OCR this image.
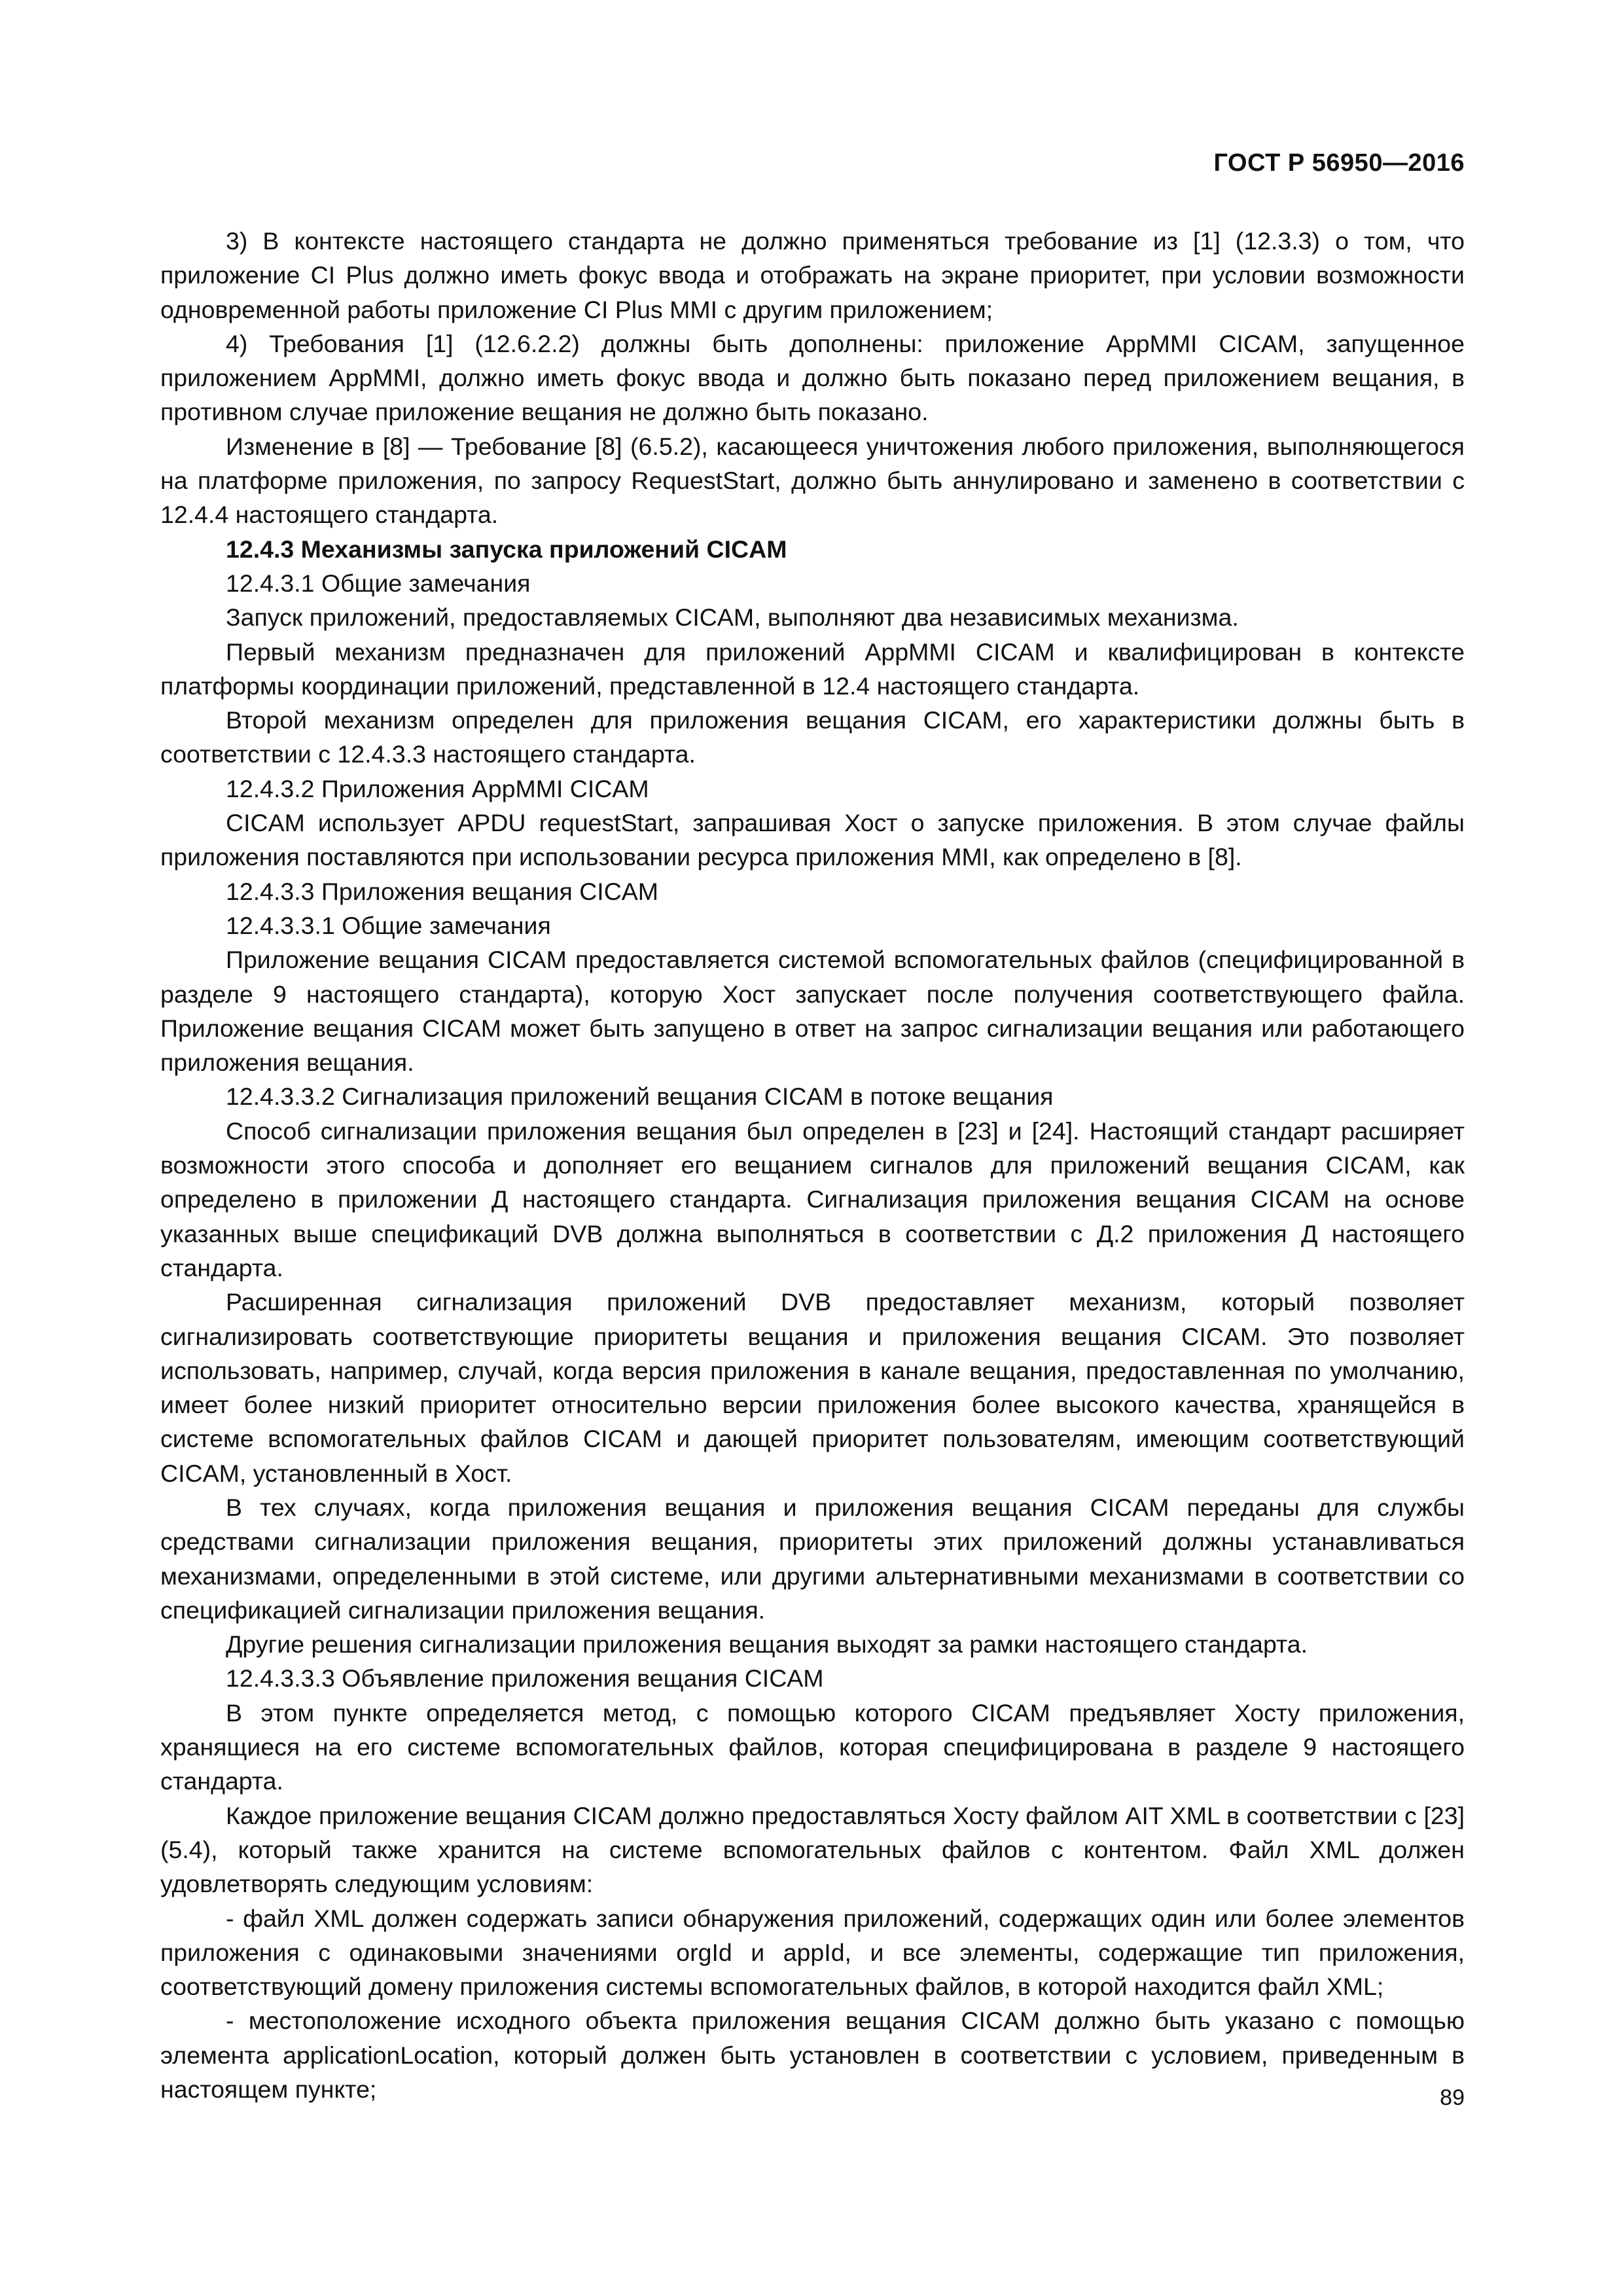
ГОСТ Р 56950—2016

3) В контексте настоящего стандарта не должно применяться требование из [1] (12.3.3) о том, что приложение CI Plus должно иметь фокус ввода и отображать на экране приоритет, при условии возможности одновременной работы приложение CI Plus MMI с другим приложением;

4) Требования [1] (12.6.2.2) должны быть дополнены: приложение AppMMI CICAM, запущенное приложением AppMMI, должно иметь фокус ввода и должно быть показано перед приложением вещания, в противном случае приложение вещания не должно быть показано.

Изменение в [8] — Требование [8] (6.5.2), касающееся уничтожения любого приложения, выполняющегося на платформе приложения, по запросу RequestStart, должно быть аннулировано и заменено в соответствии с 12.4.4 настоящего стандарта.

12.4.3 Механизмы запуска приложений CICAM

12.4.3.1 Общие замечания

Запуск приложений, предоставляемых CICAM, выполняют два независимых механизма.

Первый механизм предназначен для приложений AppMMI CICAM и квалифицирован в контексте платформы координации приложений, представленной в 12.4 настоящего стандарта.

Второй механизм определен для приложения вещания CICAM, его характеристики должны быть в соответствии с 12.4.3.3 настоящего стандарта.

12.4.3.2 Приложения AppMMI CICAM

CICAM использует APDU requestStart, запрашивая Хост о запуске приложения. В этом случае файлы приложения поставляются при использовании ресурса приложения MMI, как определено в [8].

12.4.3.3 Приложения вещания CICAM

12.4.3.3.1 Общие замечания

Приложение вещания CICAM предоставляется системой вспомогательных файлов (специфицированной в разделе 9 настоящего стандарта), которую Хост запускает после получения соответствующего файла. Приложение вещания CICAM может быть запущено в ответ на запрос сигнализации вещания или работающего приложения вещания.

12.4.3.3.2 Сигнализация приложений вещания CICAM в потоке вещания

Способ сигнализации приложения вещания был определен в [23] и [24]. Настоящий стандарт расширяет возможности этого способа и дополняет его вещанием сигналов для приложений вещания CICAM, как определено в приложении Д настоящего стандарта. Сигнализация приложения вещания CICAM на основе указанных выше спецификаций DVB должна выполняться в соответствии с Д.2 приложения Д настоящего стандарта.

Расширенная сигнализация приложений DVB предоставляет механизм, который позволяет сигнализировать соответствующие приоритеты вещания и приложения вещания CICAM. Это позволяет использовать, например, случай, когда версия приложения в канале вещания, предоставленная по умолчанию, имеет более низкий приоритет относительно версии приложения более высокого качества, хранящейся в системе вспомогательных файлов CICAM и дающей приоритет пользователям, имеющим соответствующий CICAM, установленный в Хост.

В тех случаях, когда приложения вещания и приложения вещания CICAM переданы для службы средствами сигнализации приложения вещания, приоритеты этих приложений должны устанавливаться механизмами, определенными в этой системе, или другими альтернативными механизмами в соответствии со спецификацией сигнализации приложения вещания.

Другие решения сигнализации приложения вещания выходят за рамки настоящего стандарта.

12.4.3.3.3 Объявление приложения вещания CICAM

В этом пункте определяется метод, с помощью которого CICAM предъявляет Хосту приложения, хранящиеся на его системе вспомогательных файлов, которая специфицирована в разделе 9 настоящего стандарта.

Каждое приложение вещания CICAM должно предоставляться Хосту файлом AIT XML в соответствии с [23] (5.4), который также хранится на системе вспомогательных файлов с контентом. Файл XML должен удовлетворять следующим условиям:

- файл XML должен содержать записи обнаружения приложений, содержащих один или более элементов приложения с одинаковыми значениями orgId и appId, и все элементы, содержащие тип приложения, соответствующий домену приложения системы вспомогательных файлов, в которой находится файл XML;

- местоположение исходного объекта приложения вещания CICAM должно быть указано с помощью элемента applicationLocation, который должен быть установлен в соответствии с условием, приведенным в настоящем пункте;	89
